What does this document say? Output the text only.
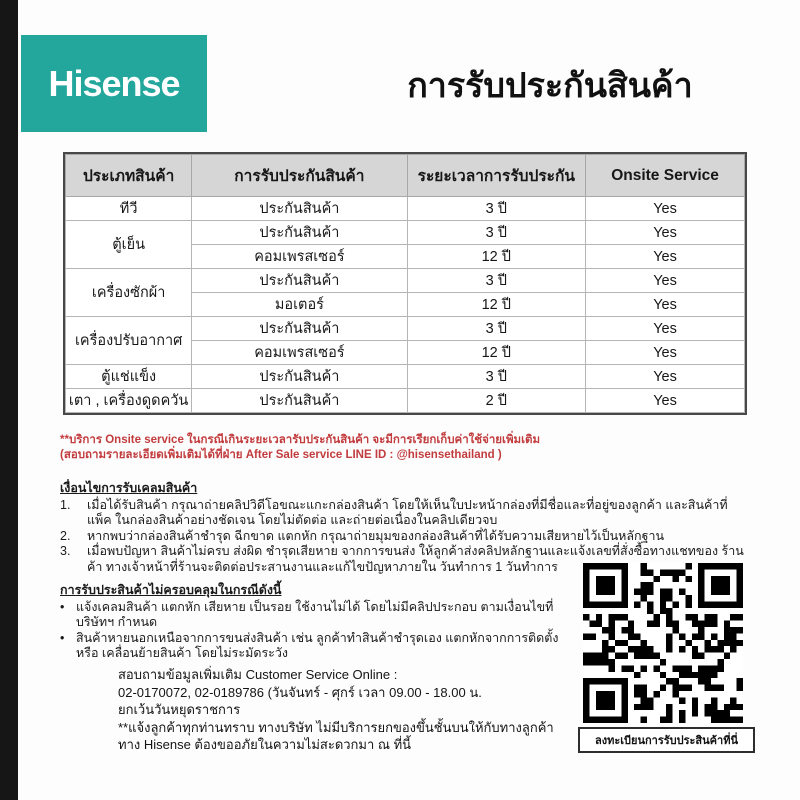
Hisense	การรับประกันสินค้า
ประเภทสินค้า	การรับประกันสินค้า	ระยะเวลาการรับประกัน	Onsite Service
ทีวี	ประกันสินค้า	3 ปี	Yes
ตู้เย็น	ประกันสินค้า	3 ปี	Yes
	คอมเพรสเซอร์	12 ปี	Yes
เครื่องซักผ้า	ประกันสินค้า	3 ปี	Yes
	มอเตอร์	12 ปี	Yes
เครื่องปรับอากาศ	ประกันสินค้า	3 ปี	Yes
	คอมเพรสเซอร์	12 ปี	Yes
ตู้แช่แข็ง	ประกันสินค้า	3 ปี	Yes
เตา , เครื่องดูดควัน	ประกันสินค้า	2 ปี	Yes
**บริการ Onsite service ในกรณีเกินระยะเวลารับประกันสินค้า จะมีการเรียกเก็บค่าใช้จ่ายเพิ่มเติม
(สอบถามรายละเอียดเพิ่มเติมได้ที่ฝ่าย After Sale service LINE ID : @hisensethailand )
เงื่อนไขการรับเคลมสินค้า
1.	เมื่อได้รับสินค้า กรุณาถ่ายคลิปวิดีโอขณะแกะกล่องสินค้า โดยให้เห็นใบปะหน้ากล่องที่มีชื่อและที่อยู่ของลูกค้า และสินค้าที่แพ็ค ในกล่องสินค้าอย่างชัดเจน โดยไม่ตัดต่อ และถ่ายต่อเนื่องในคลิปเดียวจบ
2.	หากพบว่ากล่องสินค้าชำรุด ฉีกขาด แตกหัก กรุณาถ่ายมุมของกล่องสินค้าที่ได้รับความเสียหายไว้เป็นหลักฐาน
3.	เมื่อพบปัญหา สินค้าไม่ครบ ส่งผิด ชำรุดเสียหาย จากการขนส่ง ให้ลูกค้าส่งคลิปหลักฐานและแจ้งเลขที่สั่งซื้อทางแชทของ ร้านค้า ทางเจ้าหน้าที่ร้านจะติดต่อประสานงานและแก้ไขปัญหาภายใน วันทำการ 1 วันทำการ
การรับประสินค้าไม่ครอบคลุมในกรณีดังนี้
• แจ้งเคลมสินค้า แตกหัก เสียหาย เป็นรอย ใช้งานไม่ได้ โดยไม่มีคลิปประกอบ ตามเงื่อนไขที่ บริษัทฯ กำหนด
• สินค้าหายนอกเหนือจากการขนส่งสินค้า เช่น ลูกค้าทำสินค้าชำรุดเอง แตกหักจากการติดตั้ง หรือ เคลื่อนย้ายสินค้า โดยไม่ระมัดระวัง
สอบถามข้อมูลเพิ่มเติม Customer Service Online :
02-0170072, 02-0189786 (วันจันทร์ - ศุกร์ เวลา 09.00 - 18.00 น.
ยกเว้นวันหยุดราชการ
**แจ้งลูกค้าทุกท่านทราบ ทางบริษัท ไม่มีบริการยกของขึ้นชั้นบนให้กับทางลูกค้า
ทาง Hisense ต้องขออภัยในความไม่สะดวกมา ณ ที่นี้	ลงทะเบียนการรับประสินค้าที่นี่
